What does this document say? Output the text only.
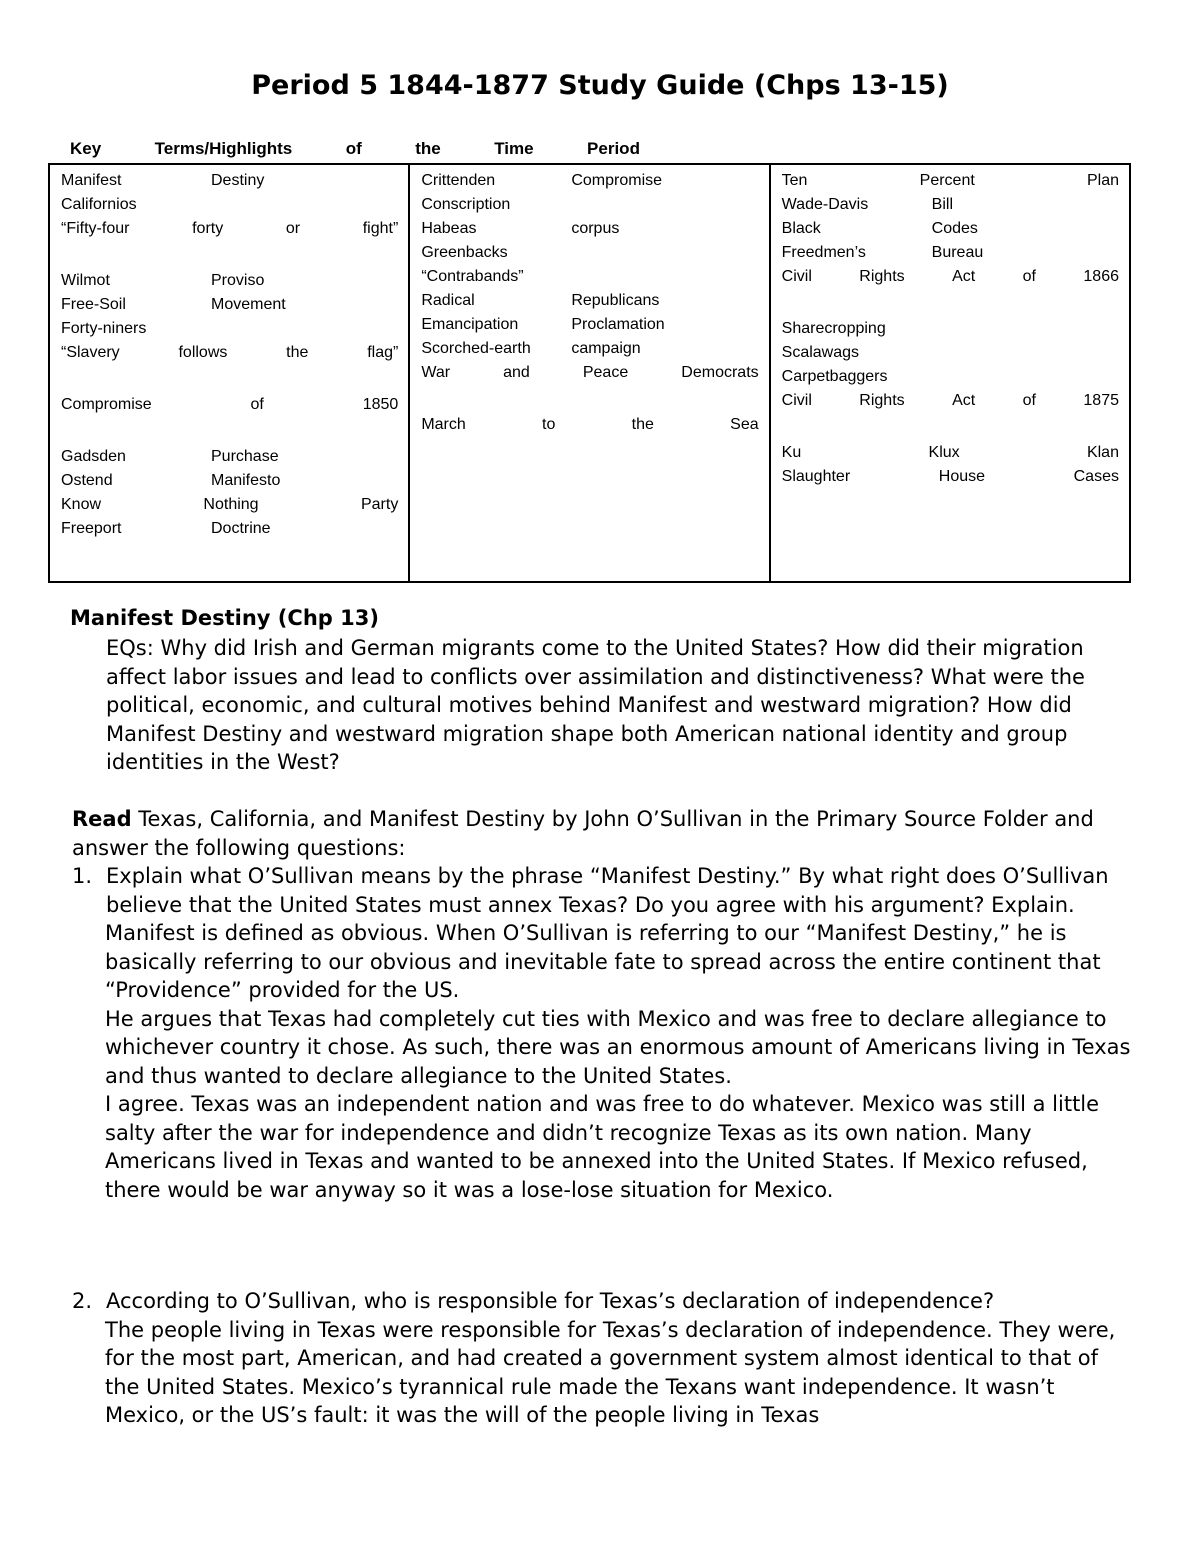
Period 5 1844-1877 Study Guide (Chps 13-15)
Key	Terms/Highlights	of	the	Time	Period
Manifest	Destiny
Californios
“Fifty-four	forty	or	fight”
Wilmot	Proviso
Free-Soil	Movement
Forty-niners
“Slavery	follows	the	flag”
Compromise	of	1850
Gadsden	Purchase
Ostend	Manifesto
Know	Nothing	Party
Freeport	Doctrine

Crittenden	Compromise
Conscription
Habeas	corpus
Greenbacks
“Contrabands”
Radical	Republicans
Emancipation	Proclamation
Scorched-earth	campaign
War	and	Peace	Democrats
March	to	the	Sea

Ten	Percent	Plan
Wade-Davis	Bill
Black	Codes
Freedmen’s	Bureau
Civil	Rights	Act	of	1866
Sharecropping
Scalawags
Carpetbaggers
Civil	Rights	Act	of	1875
Ku	Klux	Klan
Slaughter	House	Cases
Manifest Destiny (Chp 13)
EQs: Why did Irish and German migrants come to the United States? How did their migration affect labor issues and lead to conflicts over assimilation and distinctiveness? What were the political, economic, and cultural motives behind Manifest and westward migration? How did Manifest Destiny and westward migration shape both American national identity and group identities in the West?
Read Texas, California, and Manifest Destiny by John O’Sullivan in the Primary Source Folder and answer the following questions:
1. Explain what O’Sullivan means by the phrase “Manifest Destiny.” By what right does O’Sullivan believe that the United States must annex Texas? Do you agree with his argument? Explain.

Manifest is defined as obvious. When O’Sullivan is referring to our “Manifest Destiny,” he is basically referring to our obvious and inevitable fate to spread across the entire continent that “Providence” provided for the US.

He argues that Texas had completely cut ties with Mexico and was free to declare allegiance to whichever country it chose. As such, there was an enormous amount of Americans living in Texas and thus wanted to declare allegiance to the United States.

I agree. Texas was an independent nation and was free to do whatever. Mexico was still a little salty after the war for independence and didn’t recognize Texas as its own nation. Many Americans lived in Texas and wanted to be annexed into the United States. If Mexico refused, there would be war anyway so it was a lose-lose situation for Mexico.

2. According to O’Sullivan, who is responsible for Texas’s declaration of independence?

The people living in Texas were responsible for Texas’s declaration of independence. They were, for the most part, American, and had created a government system almost identical to that of the United States. Mexico’s tyrannical rule made the Texans want independence. It wasn’t Mexico, or the US’s fault: it was the will of the people living in Texas
